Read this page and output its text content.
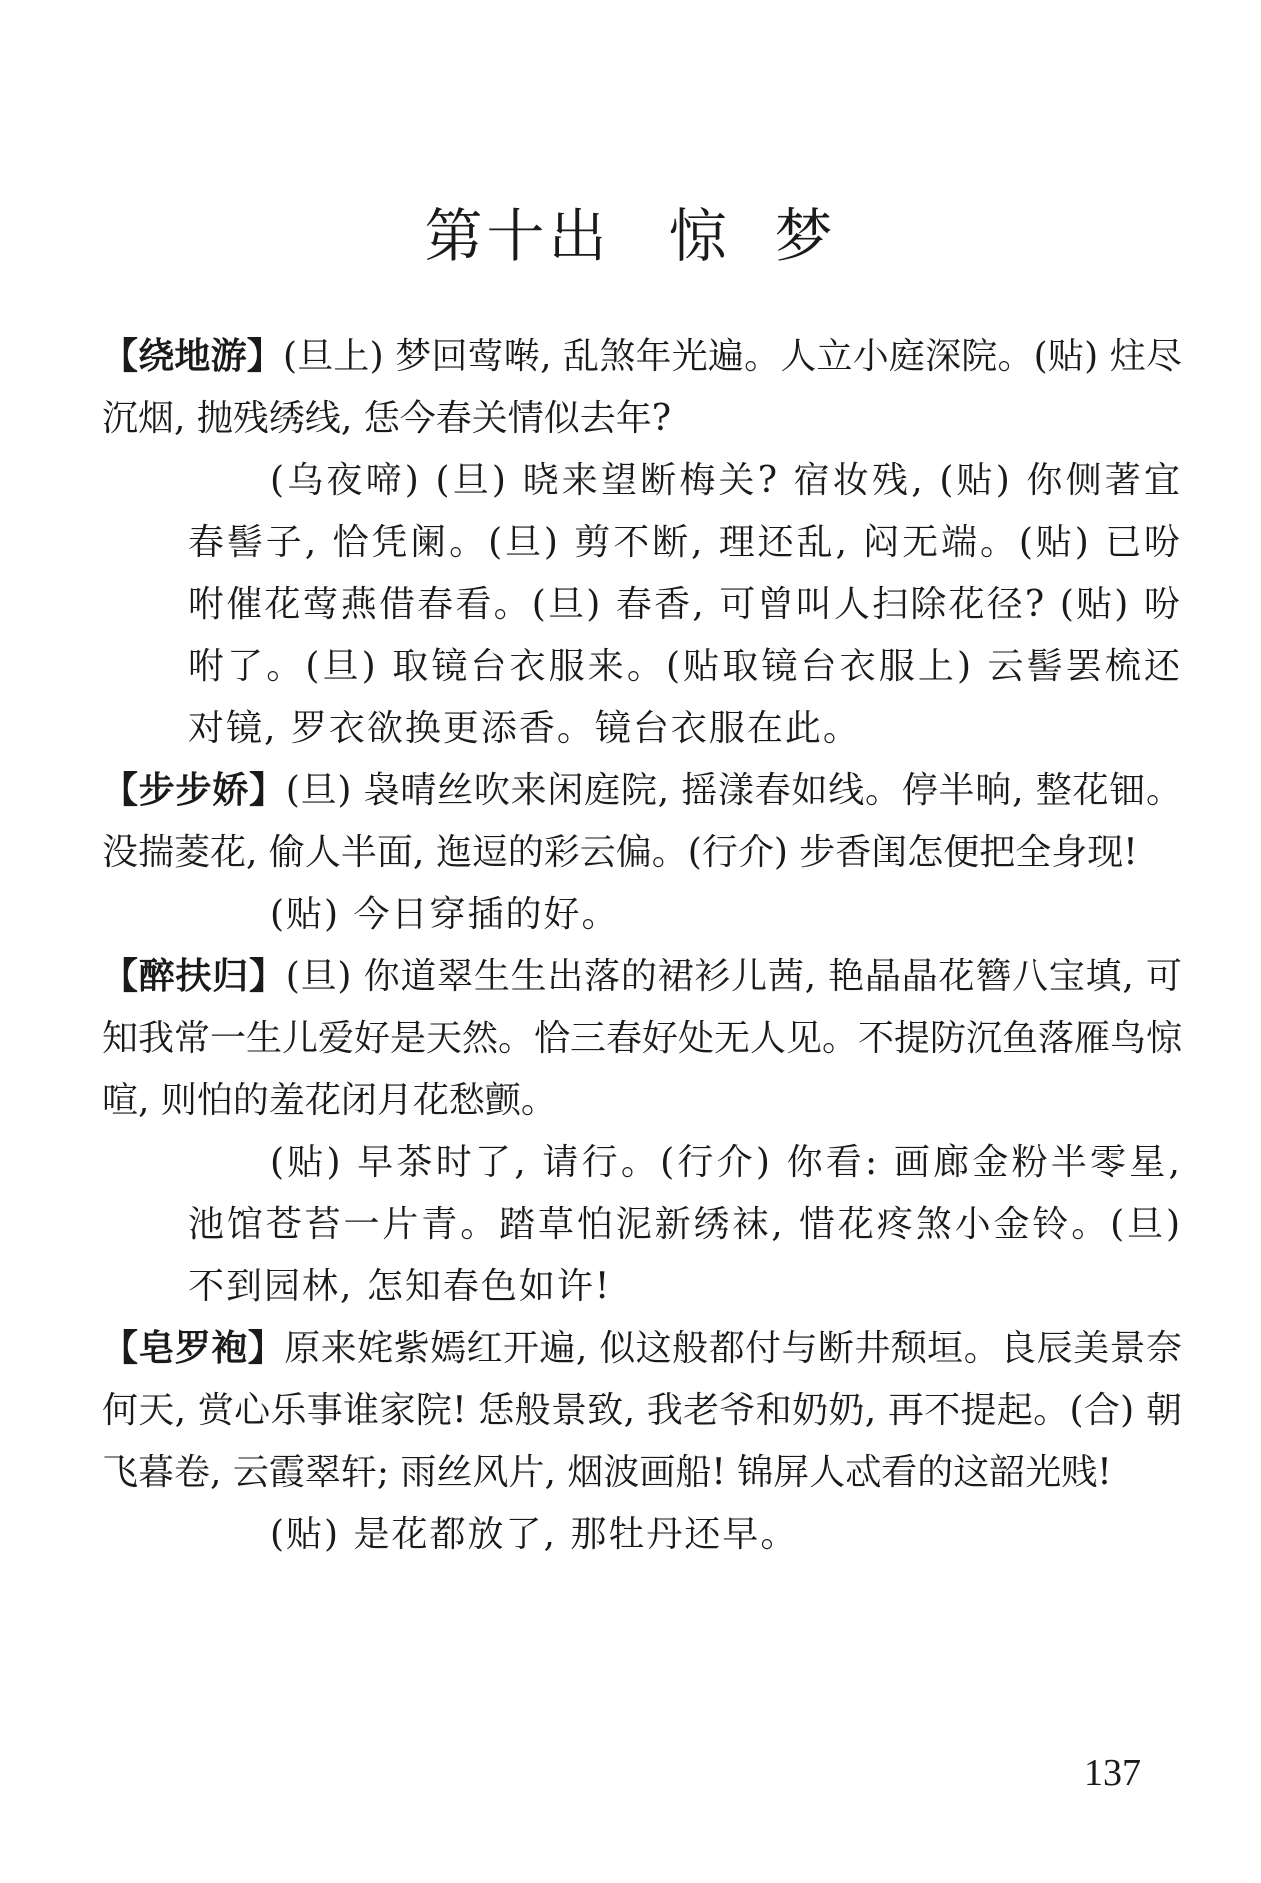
第十出 惊 梦

【绕地游】(旦上) 梦回莺啭, 乱煞年光遍。人立小庭深院。(贴) 炷尽沉烟, 抛残绣线, 恁今春关情似去年?

(乌夜啼) (旦) 晓来望断梅关? 宿妆残, (贴) 你侧著宜春髻子, 恰凭阑。(旦) 剪不断, 理还乱, 闷无端。(贴) 已吩咐催花莺燕借春看。(旦) 春香, 可曾叫人扫除花径? (贴) 吩咐了。(旦) 取镜台衣服来。(贴取镜台衣服上) 云髻罢梳还对镜, 罗衣欲换更添香。镜台衣服在此。

【步步娇】(旦) 袅晴丝吹来闲庭院, 摇漾春如线。停半晌, 整花钿。没揣菱花, 偷人半面, 迤逗的彩云偏。(行介) 步香闺怎便把全身现!

(贴) 今日穿插的好。

【醉扶归】(旦) 你道翠生生出落的裙衫儿茜, 艳晶晶花簪八宝填, 可知我常一生儿爱好是天然。恰三春好处无人见。不提防沉鱼落雁鸟惊喧, 则怕的羞花闭月花愁颤。

(贴) 早茶时了, 请行。(行介) 你看: 画廊金粉半零星, 池馆苍苔一片青。踏草怕泥新绣袜, 惜花疼煞小金铃。(旦) 不到园林, 怎知春色如许!

【皂罗袍】原来姹紫嫣红开遍, 似这般都付与断井颓垣。良辰美景奈何天, 赏心乐事谁家院! 恁般景致, 我老爷和奶奶, 再不提起。(合) 朝飞暮卷, 云霞翠轩; 雨丝风片, 烟波画船! 锦屏人忒看的这韶光贱!

(贴) 是花都放了, 那牡丹还早。

137
